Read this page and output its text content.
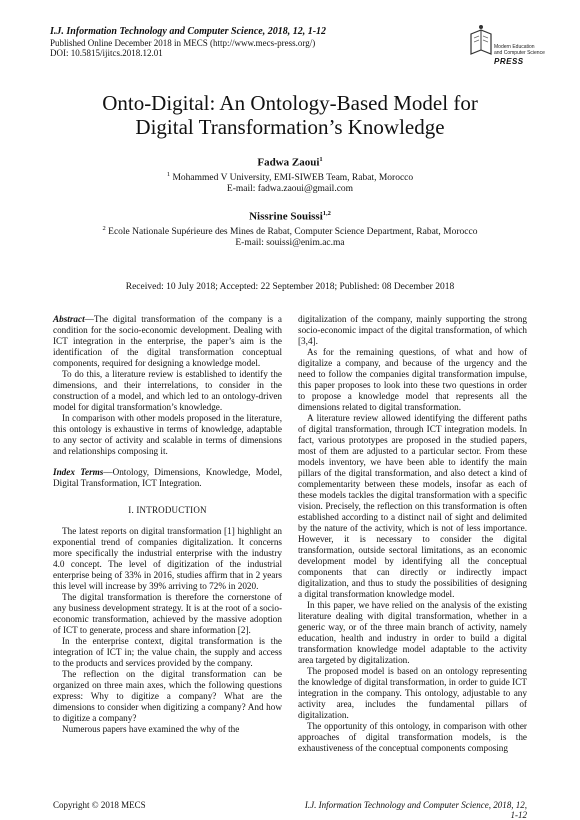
I.J. Information Technology and Computer Science, 2018, 12, 1-12
Published Online December 2018 in MECS (http://www.mecs-press.org/)
DOI: 10.5815/ijitcs.2018.12.01
Modern Education
and Computer Science
PRESS
Onto-Digital: An Ontology-Based Model for
Digital Transformation’s Knowledge
Fadwa Zaoui$^1$
$^1$ Mohammed V University, EMI-SIWEB Team, Rabat, Morocco
E-mail: fadwa.zaoui@gmail.com
Nissrine Souissi$^{1,2}$
$^2$ Ecole Nationale Supérieure des Mines de Rabat, Computer Science Department, Rabat, Morocco
E-mail: souissi@enim.ac.ma
Received: 10 July 2018; Accepted: 22 September 2018; Published: 08 December 2018

Abstract—The digital transformation of the company is a condition for the socio-economic development. Dealing with ICT integration in the enterprise, the paper’s aim is the identification of the digital transformation conceptual components, required for designing a knowledge model.

To do this, a literature review is established to identify the dimensions, and their interrelations, to consider in the construction of a model, and which led to an ontology-driven model for digital transformation’s knowledge.

In comparison with other models proposed in the literature, this ontology is exhaustive in terms of knowledge, adaptable to any sector of activity and scalable in terms of dimensions and relationships composing it.

Index Terms—Ontology, Dimensions, Knowledge, Model, Digital Transformation, ICT Integration.

I. INTRODUCTION

The latest reports on digital transformation [1] highlight an exponential trend of companies digitalization. It concerns more specifically the industrial enterprise with the industry 4.0 concept. The level of digitization of the industrial enterprise being of 33% in 2016, studies affirm that in 2 years this level will increase by 39% arriving to 72% in 2020.

The digital transformation is therefore the cornerstone of any business development strategy. It is at the root of a socio-economic transformation, achieved by the massive adoption of ICT to generate, process and share information [2].

In the enterprise context, digital transformation is the integration of ICT in; the value chain, the supply and access to the products and services provided by the company.

The reflection on the digital transformation can be organized on three main axes, which the following questions express: Why to digitize a company? What are the dimensions to consider when digitizing a company? And how to digitize a company?

Numerous papers have examined the why of the

digitalization of the company, mainly supporting the strong socio-economic impact of the digital transformation, of which [3,4].

As for the remaining questions, of what and how of digitalize a company, and because of the urgency and the need to follow the companies digital transformation impulse, this paper proposes to look into these two questions in order to propose a knowledge model that represents all the dimensions related to digital transformation.

A literature review allowed identifying the different paths of digital transformation, through ICT integration models. In fact, various prototypes are proposed in the studied papers, most of them are adjusted to a particular sector. From these models inventory, we have been able to identify the main pillars of the digital transformation, and also detect a kind of complementarity between these models, insofar as each of these models tackles the digital transformation with a specific vision. Precisely, the reflection on this transformation is often established according to a distinct nail of sight and delimited by the nature of the activity, which is not of less importance. However, it is necessary to consider the digital transformation, outside sectoral limitations, as an economic development model by identifying all the conceptual components that can directly or indirectly impact digitalization, and thus to study the possibilities of designing a digital transformation knowledge model.

In this paper, we have relied on the analysis of the existing literature dealing with digital transformation, whether in a generic way, or of the three main branch of activity, namely education, health and industry in order to build a digital transformation knowledge model adaptable to the activity area targeted by digitalization.

The proposed model is based on an ontology representing the knowledge of digital transformation, in order to guide ICT integration in the company. This ontology, adjustable to any activity area, includes the fundamental pillars of digitalization.

The opportunity of this ontology, in comparison with other approaches of digital transformation models, is the exhaustiveness of the conceptual components composing

Copyright © 2018 MECS	I.J. Information Technology and Computer Science, 2018, 12, 1-12
